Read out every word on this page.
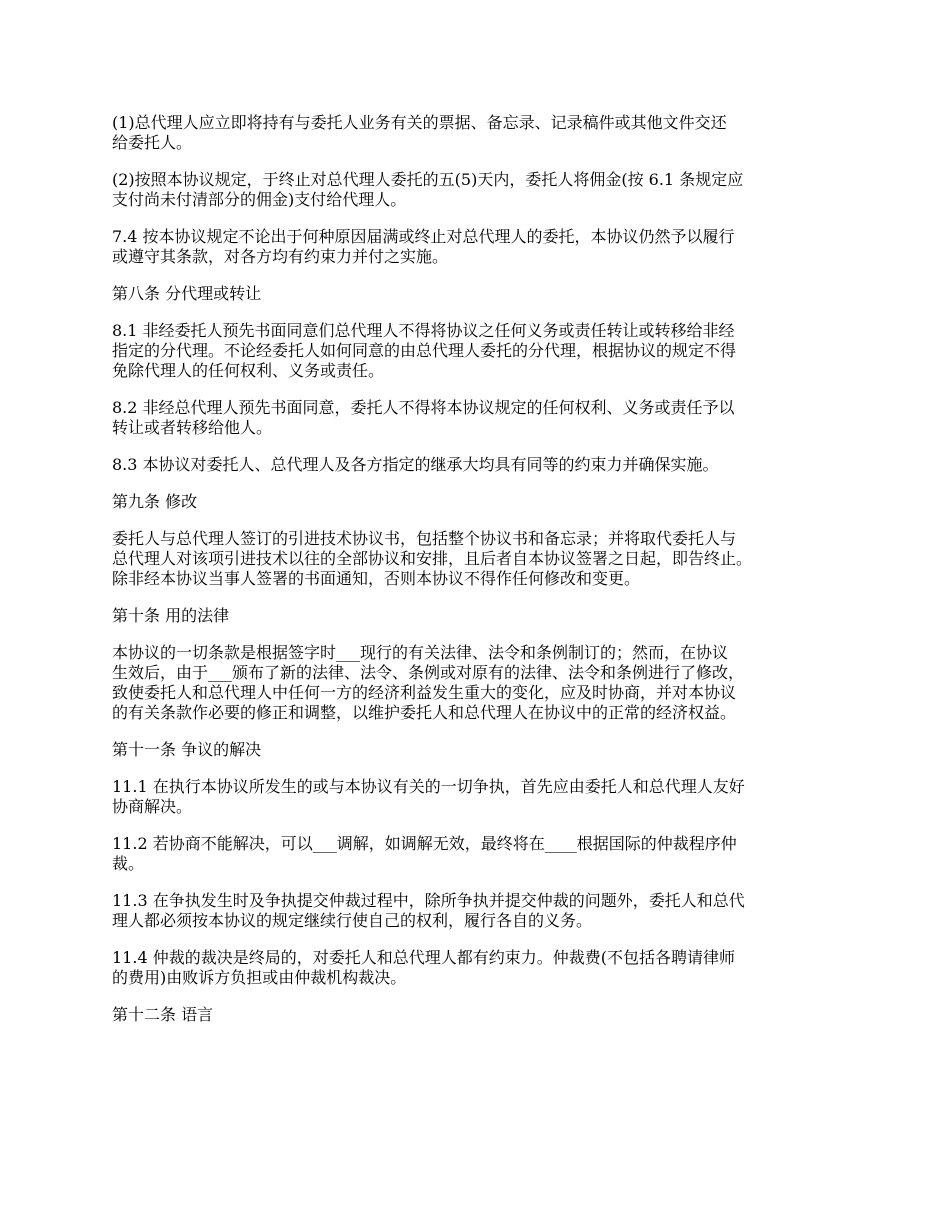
(1)总代理人应立即将持有与委托人业务有关的票据、备忘录、记录稿件或其他文件交还
给委托人。
(2)按照本协议规定，于终止对总代理人委托的五(5)天内，委托人将佣金(按 6.1 条规定应
支付尚未付清部分的佣金)支付给代理人。
7.4 按本协议规定不论出于何种原因届满或终止对总代理人的委托，本协议仍然予以履行
或遵守其条款，对各方均有约束力并付之实施。
第八条 分代理或转让
8.1 非经委托人预先书面同意们总代理人不得将协议之任何义务或责任转让或转移给非经
指定的分代理。不论经委托人如何同意的由总代理人委托的分代理，根据协议的规定不得
免除代理人的任何权利、义务或责任。
8.2 非经总代理人预先书面同意，委托人不得将本协议规定的任何权利、义务或责任予以
转让或者转移给他人。
8.3 本协议对委托人、总代理人及各方指定的继承大均具有同等的约束力并确保实施。
第九条 修改
委托人与总代理人签订的引进技术协议书，包括整个协议书和备忘录；并将取代委托人与
总代理人对该项引进技术以往的全部协议和安排，且后者自本协议签署之日起，即告终止。
除非经本协议当事人签署的书面通知，否则本协议不得作任何修改和变更。
第十条 用的法律
本协议的一切条款是根据签字时___现行的有关法律、法令和条例制订的；然而，在协议
生效后，由于___颁布了新的法律、法令、条例或对原有的法律、法令和条例进行了修改，
致使委托人和总代理人中任何一方的经济利益发生重大的变化，应及时协商，并对本协议
的有关条款作必要的修正和调整，以维护委托人和总代理人在协议中的正常的经济权益。
第十一条 争议的解决
11.1 在执行本协议所发生的或与本协议有关的一切争执，首先应由委托人和总代理人友好
协商解决。
11.2 若协商不能解决，可以___调解，如调解无效，最终将在____根据国际的仲裁程序仲
裁。
11.3 在争执发生时及争执提交仲裁过程中，除所争执并提交仲裁的问题外，委托人和总代
理人都必须按本协议的规定继续行使自己的权利，履行各自的义务。
11.4 仲裁的裁决是终局的，对委托人和总代理人都有约束力。仲裁费(不包括各聘请律师
的费用)由败诉方负担或由仲裁机构裁决。
第十二条 语言
